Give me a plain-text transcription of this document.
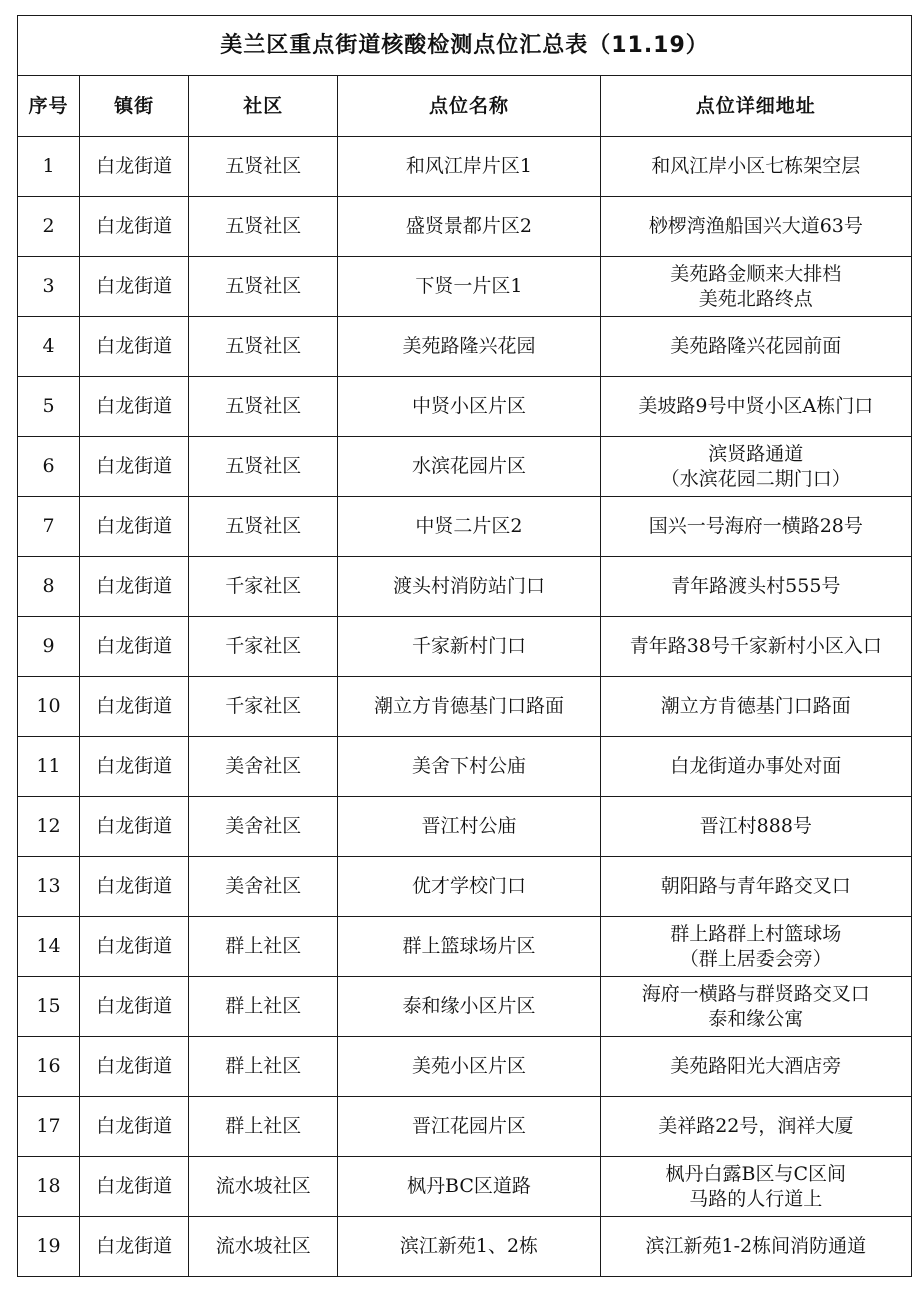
美兰区重点街道核酸检测点位汇总表（11.19）				
序号	镇街	社区	点位名称	点位详细地址
1	白龙街道	五贤社区	和风江岸片区1	和风江岸小区七栋架空层

2	白龙街道	五贤社区	盛贤景都片区2	桫椤湾渔船国兴大道63号

3	白龙街道	五贤社区	下贤一片区1	美苑路金顺来大排档
美苑北路终点

4	白龙街道	五贤社区	美苑路隆兴花园	美苑路隆兴花园前面

5	白龙街道	五贤社区	中贤小区片区	美坡路9号中贤小区A栋门口

6	白龙街道	五贤社区	水滨花园片区	滨贤路通道
（水滨花园二期门口）

7	白龙街道	五贤社区	中贤二片区2	国兴一号海府一横路28号

8	白龙街道	千家社区	渡头村消防站门口	青年路渡头村555号

9	白龙街道	千家社区	千家新村门口	青年路38号千家新村小区入口

10	白龙街道	千家社区	潮立方肯德基门口路面	潮立方肯德基门口路面

11	白龙街道	美舍社区	美舍下村公庙	白龙街道办事处对面

12	白龙街道	美舍社区	晋江村公庙	晋江村888号

13	白龙街道	美舍社区	优才学校门口	朝阳路与青年路交叉口

14	白龙街道	群上社区	群上篮球场片区	群上路群上村篮球场
（群上居委会旁）

15	白龙街道	群上社区	泰和缘小区片区	海府一横路与群贤路交叉口
泰和缘公寓

16	白龙街道	群上社区	美苑小区片区	美苑路阳光大酒店旁

17	白龙街道	群上社区	晋江花园片区	美祥路22号，润祥大厦

18	白龙街道	流水坡社区	枫丹BC区道路	枫丹白露B区与C区间
马路的人行道上

19	白龙街道	流水坡社区	滨江新苑1、2栋	滨江新苑1-2栋间消防通道
